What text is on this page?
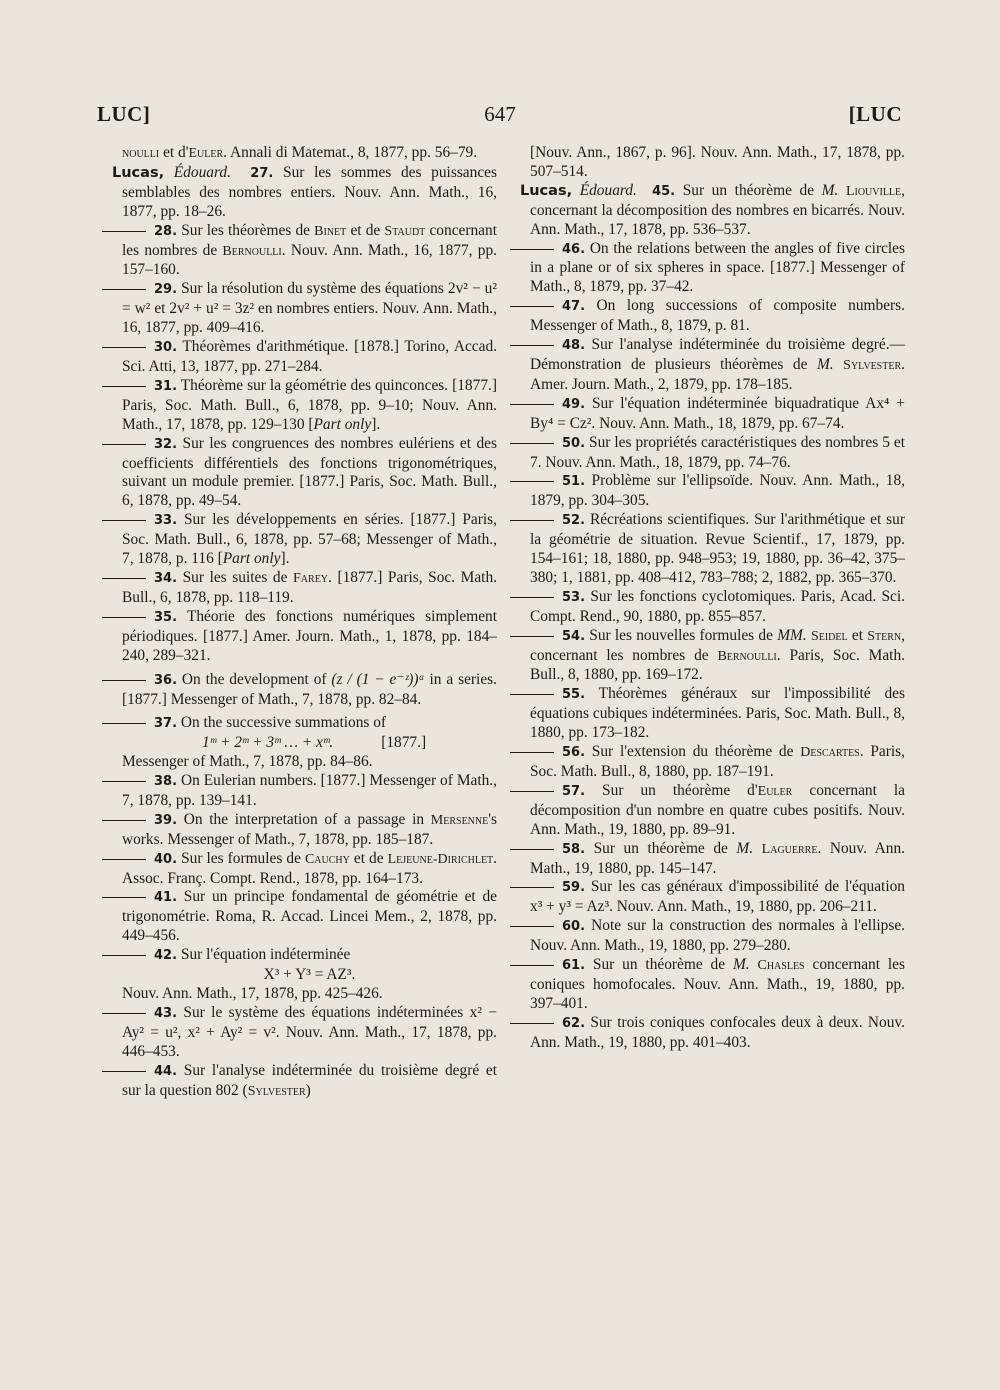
LUC]	647	[LUC

noulli et d'Euler. Annali di Matemat., 8, 1877, pp. 56–79.

Lucas, Édouard. 27. Sur les sommes des puissances semblables des nombres entiers. Nouv. Ann. Math., 16, 1877, pp. 18–26.

28. Sur les théorèmes de Binet et de Staudt concernant les nombres de Bernoulli. Nouv. Ann. Math., 16, 1877, pp. 157–160.

29. Sur la résolution du système des équations 2v² − u² = w² et 2v² + u² = 3z² en nombres entiers. Nouv. Ann. Math., 16, 1877, pp. 409–416.

30. Théorèmes d'arithmétique. [1878.] Torino, Accad. Sci. Atti, 13, 1877, pp. 271–284.

31. Théorème sur la géométrie des quinconces. [1877.] Paris, Soc. Math. Bull., 6, 1878, pp. 9–10; Nouv. Ann. Math., 17, 1878, pp. 129–130 [Part only].

32. Sur les congruences des nombres eulériens et des coefficients différentiels des fonctions trigonométriques, suivant un module premier. [1877.] Paris, Soc. Math. Bull., 6, 1878, pp. 49–54.

33. Sur les développements en séries. [1877.] Paris, Soc. Math. Bull., 6, 1878, pp. 57–68; Messenger of Math., 7, 1878, p. 116 [Part only].

34. Sur les suites de Farey. [1877.] Paris, Soc. Math. Bull., 6, 1878, pp. 118–119.

35. Théorie des fonctions numériques simplement périodiques. [1877.] Amer. Journ. Math., 1, 1878, pp. 184–240, 289–321.

36. On the development of (z / (1 − e⁻ᶻ))ᵃ in a series. [1877.] Messenger of Math., 7, 1878, pp. 82–84.

37. On the successive summations of
1ᵐ + 2ᵐ + 3ᵐ … + xᵐ.	[1877.]
Messenger of Math., 7, 1878, pp. 84–86.

38. On Eulerian numbers. [1877.] Messenger of Math., 7, 1878, pp. 139–141.

39. On the interpretation of a passage in Mersenne's works. Messenger of Math., 7, 1878, pp. 185–187.

40. Sur les formules de Cauchy et de Lejeune-Dirichlet. Assoc. Franç. Compt. Rend., 1878, pp. 164–173.

41. Sur un principe fondamental de géométrie et de trigonométrie. Roma, R. Accad. Lincei Mem., 2, 1878, pp. 449–456.

42. Sur l'équation indéterminée

X³ + Y³ = AZ³.
Nouv. Ann. Math., 17, 1878, pp. 425–426.

43. Sur le système des équations indéterminées x² − Ay² = u², x² + Ay² = v². Nouv. Ann. Math., 17, 1878, pp. 446–453.

44. Sur l'analyse indéterminée du troisième degré et sur la question 802 (Sylvester)

[Nouv. Ann., 1867, p. 96]. Nouv. Ann. Math., 17, 1878, pp. 507–514.

Lucas, Édouard. 45. Sur un théorème de M. Liouville, concernant la décomposition des nombres en bicarrés. Nouv. Ann. Math., 17, 1878, pp. 536–537.

46. On the relations between the angles of five circles in a plane or of six spheres in space. [1877.] Messenger of Math., 8, 1879, pp. 37–42.

47. On long successions of composite numbers. Messenger of Math., 8, 1879, p. 81.

48. Sur l'analyse indéterminée du troisième degré.—Démonstration de plusieurs théorèmes de M. Sylvester. Amer. Journ. Math., 2, 1879, pp. 178–185.

49. Sur l'équation indéterminée biquadratique Ax⁴ + By⁴ = Cz². Nouv. Ann. Math., 18, 1879, pp. 67–74.

50. Sur les propriétés caractéristiques des nombres 5 et 7. Nouv. Ann. Math., 18, 1879, pp. 74–76.

51. Problème sur l'ellipsoïde. Nouv. Ann. Math., 18, 1879, pp. 304–305.

52. Récréations scientifiques. Sur l'arithmétique et sur la géométrie de situation. Revue Scientif., 17, 1879, pp. 154–161; 18, 1880, pp. 948–953; 19, 1880, pp. 36–42, 375–380; 1, 1881, pp. 408–412, 783–788; 2, 1882, pp. 365–370.

53. Sur les fonctions cyclotomiques. Paris, Acad. Sci. Compt. Rend., 90, 1880, pp. 855–857.

54. Sur les nouvelles formules de MM. Seidel et Stern, concernant les nombres de Bernoulli. Paris, Soc. Math. Bull., 8, 1880, pp. 169–172.

55. Théorèmes généraux sur l'impossibilité des équations cubiques indéterminées. Paris, Soc. Math. Bull., 8, 1880, pp. 173–182.

56. Sur l'extension du théorème de Descartes. Paris, Soc. Math. Bull., 8, 1880, pp. 187–191.

57. Sur un théorème d'Euler concernant la décomposition d'un nombre en quatre cubes positifs. Nouv. Ann. Math., 19, 1880, pp. 89–91.

58. Sur un théorème de M. Laguerre. Nouv. Ann. Math., 19, 1880, pp. 145–147.

59. Sur les cas généraux d'impossibilité de l'équation x³ + y³ = Az³. Nouv. Ann. Math., 19, 1880, pp. 206–211.

60. Note sur la construction des normales à l'ellipse. Nouv. Ann. Math., 19, 1880, pp. 279–280.

61. Sur un théorème de M. Chasles concernant les coniques homofocales. Nouv. Ann. Math., 19, 1880, pp. 397–401.

62. Sur trois coniques confocales deux à deux. Nouv. Ann. Math., 19, 1880, pp. 401–403.
